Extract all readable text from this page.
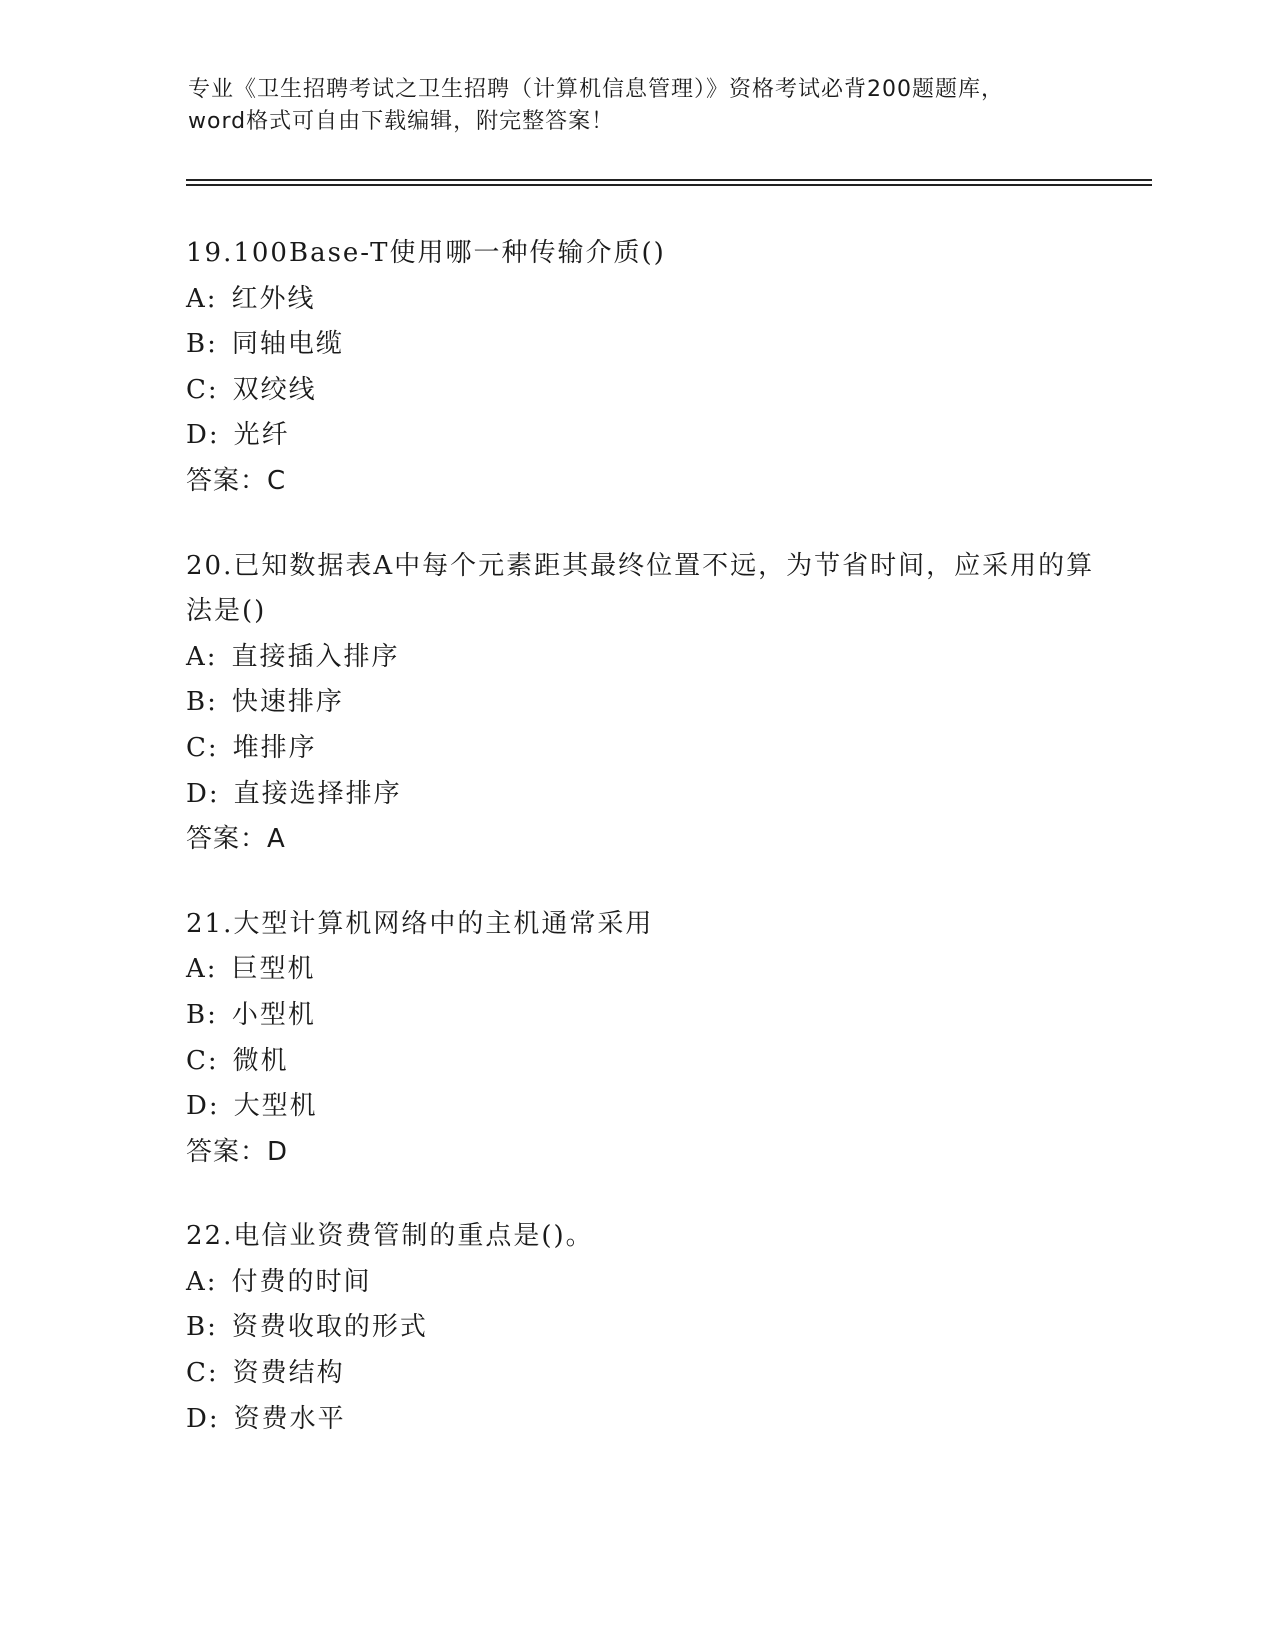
专业《卫生招聘考试之卫生招聘（计算机信息管理）》资格考试必背200题题库，
word格式可自由下载编辑，附完整答案！
19.100Base-T使用哪一种传输介质()
A: 红外线
B: 同轴电缆
C: 双绞线
D: 光纤
答案：C
20.已知数据表A中每个元素距其最终位置不远，为节省时间，应采用的算法是()
A: 直接插入排序
B: 快速排序
C: 堆排序
D: 直接选择排序
答案：A
21.大型计算机网络中的主机通常采用
A: 巨型机
B: 小型机
C: 微机
D: 大型机
答案：D
22.电信业资费管制的重点是()。
A: 付费的时间
B: 资费收取的形式
C: 资费结构
D: 资费水平
